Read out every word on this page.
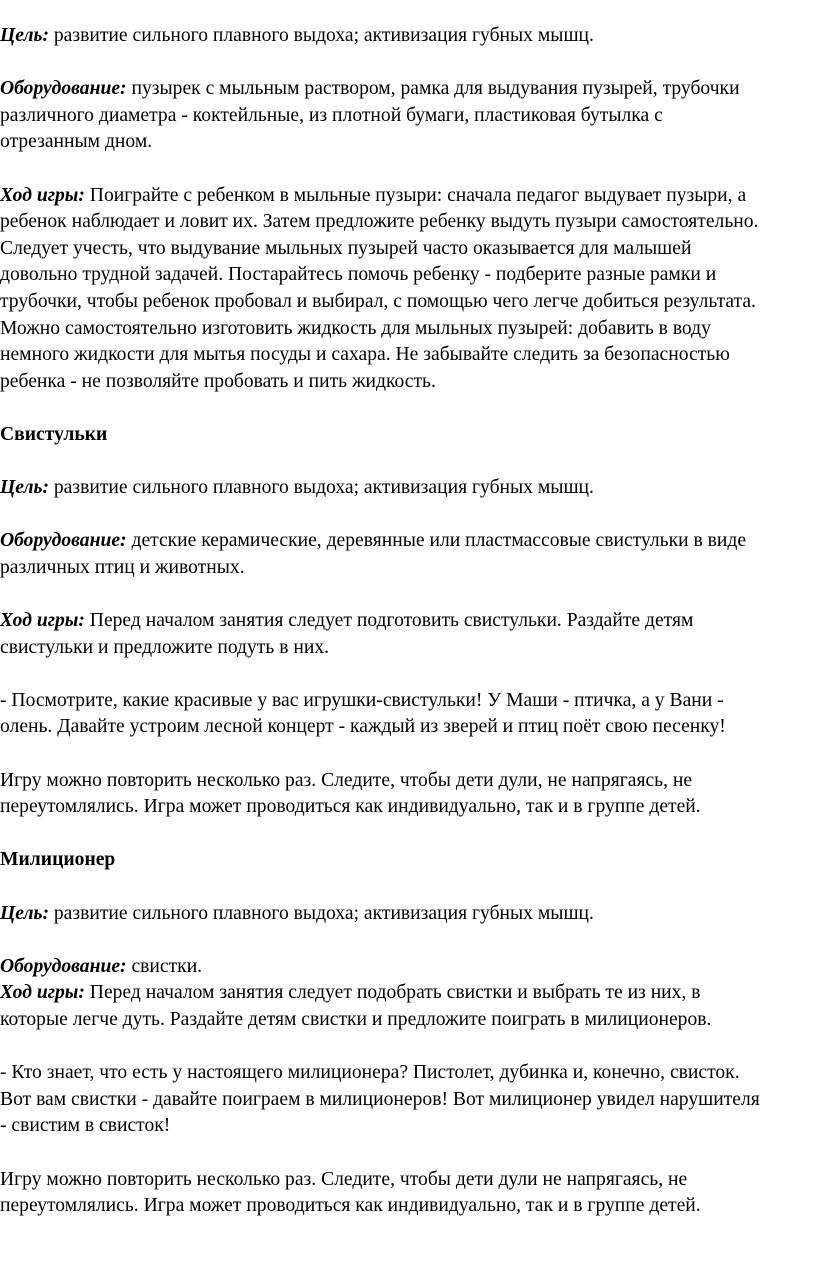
Цель: развитие сильного плавного выдоха; активизация губных мышц.

Оборудование: пузырек с мыльным раствором, рамка для выдувания пузырей, трубочки
различного диаметра - коктейльные, из плотной бумаги, пластиковая бутылка с
отрезанным дном.

Ход игры: Поиграйте с ребенком в мыльные пузыри: сначала педагог выдувает пузыри, а
ребенок наблюдает и ловит их. Затем предложите ребенку выдуть пузыри самостоятельно.
Следует учесть, что выдувание мыльных пузырей часто оказывается для малышей
довольно трудной задачей. Постарайтесь помочь ребенку - подберите разные рамки и
трубочки, чтобы ребенок пробовал и выбирал, с помощью чего легче добиться результата.
Можно самостоятельно изготовить жидкость для мыльных пузырей: добавить в воду
немного жидкости для мытья посуды и сахара. Не забывайте следить за безопасностью
ребенка - не позволяйте пробовать и пить жидкость.

Свистульки

Цель: развитие сильного плавного выдоха; активизация губных мышц.

Оборудование: детские керамические, деревянные или пластмассовые свистульки в виде
различных птиц и животных.

Ход игры: Перед началом занятия следует подготовить свистульки. Раздайте детям
свистульки и предложите подуть в них.

- Посмотрите, какие красивые у вас игрушки-свистульки! У Маши - птичка, а у Вани -
олень. Давайте устроим лесной концерт - каждый из зверей и птиц поёт свою песенку!

Игру можно повторить несколько раз. Следите, чтобы дети дули, не напрягаясь, не
переутомлялись. Игра может проводиться как индивидуально, так и в группе детей.

Милиционер

Цель: развитие сильного плавного выдоха; активизация губных мышц.

Оборудование: свистки.

Ход игры: Перед началом занятия следует подобрать свистки и выбрать те из них, в
которые легче дуть. Раздайте детям свистки и предложите поиграть в милиционеров.

- Кто знает, что есть у настоящего милиционера? Пистолет, дубинка и, конечно, свисток.
Вот вам свистки - давайте поиграем в милиционеров! Вот милиционер увидел нарушителя
- свистим в свисток!

Игру можно повторить несколько раз. Следите, чтобы дети дули не напрягаясь, не
переутомлялись. Игра может проводиться как индивидуально, так и в группе детей.
